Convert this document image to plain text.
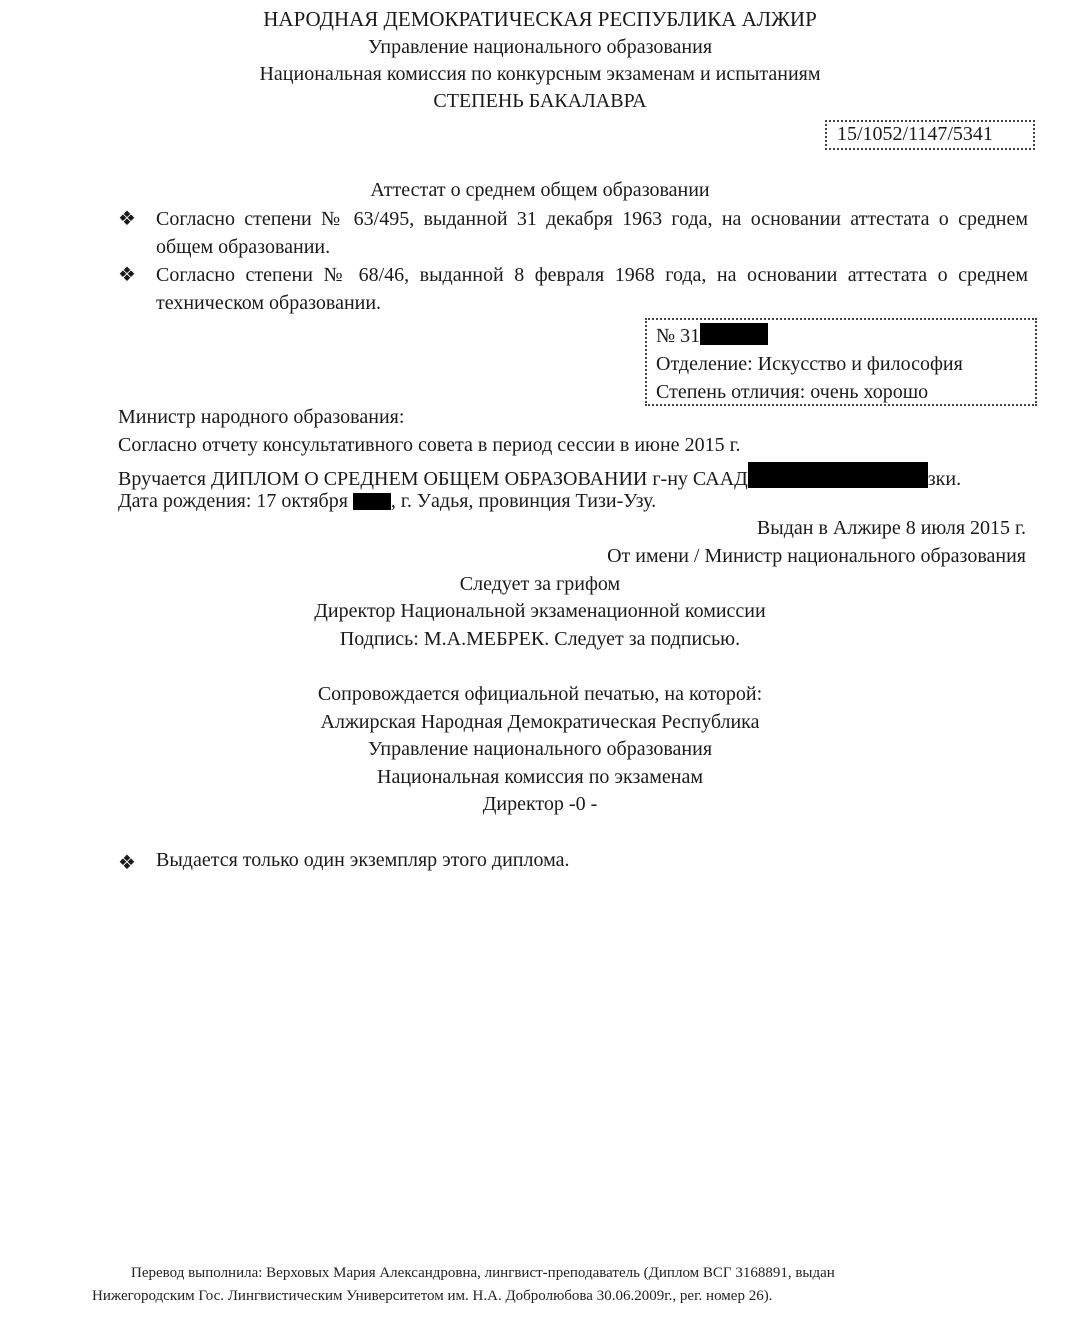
НАРОДНАЯ ДЕМОКРАТИЧЕСКАЯ РЕСПУБЛИКА АЛЖИР
Управление национального образования
Национальная комиссия по конкурсным экзаменам и испытаниям
СТЕПЕНЬ БАКАЛАВРА
15/1052/1147/5341
Аттестат о среднем общем образовании
❖ Согласно степени № 63/495, выданной 31 декабря 1963 года, на основании аттестата о среднем общем образовании.
❖ Согласно степени № 68/46, выданной 8 февраля 1968 года, на основании аттестата о среднем техническом образовании.
№ 31
Отделение: Искусство и философия
Степень отличия: очень хорошо
Министр народного образования:
Согласно отчету консультативного совета в период сессии в июне 2015 г.
Вручается ДИПЛОМ О СРЕДНЕМ ОБЩЕМ ОБРАЗОВАНИИ г-ну СААД	зки.
Дата рождения: 17 октября , г. Уадья, провинция Тизи-Узу.
Выдан в Алжире 8 июля 2015 г.
От имени / Министр национального образования
Следует за грифом
Директор Национальной экзаменационной комиссии
Подпись: М.А.МЕБРЕК. Следует за подписью.
Сопровождается официальной печатью, на которой:
Алжирская Народная Демократическая Республика
Управление национального образования
Национальная комиссия по экзаменам
Директор -0 -
❖ Выдается только один экземпляр этого диплома.
Перевод выполнила: Верховых Мария Александровна, лингвист-преподаватель (Диплом ВСГ 3168891, выдан
Нижегородским Гос. Лингвистическим Университетом им. Н.А. Добролюбова 30.06.2009г., рег. номер 26).
